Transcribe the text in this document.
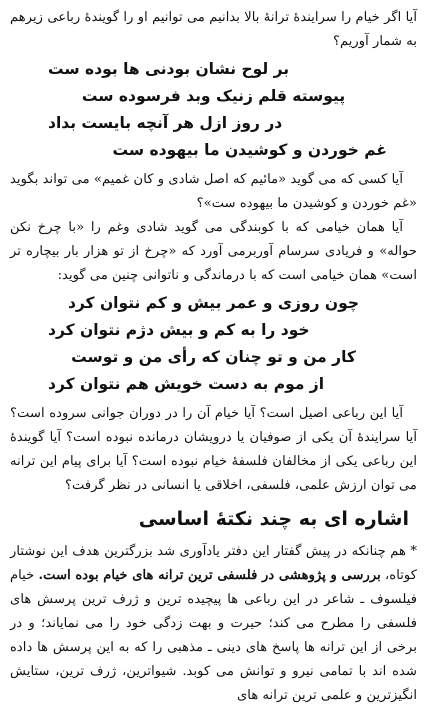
آیا اگر خیام را سرایندهٔ ترانهٔ بالا بدانیم می توانیم او را گویندهٔ رباعی زیرهم به شمار آوریم؟

بر لوح نشان بودنی ها بوده ست

پیوسته قلم زنیک وبد فرسوده ست

در روز ازل هر آنچه بایست بداد

غم خوردن و کوشیدن ما بیهوده ست

آیا کسی که می گوید «مائیم که اصل شادی و کان غمیم» می تواند بگوید «غم خوردن و کوشیدن ما بیهوده ست»؟

آیا همان خیامی که با کوبندگی می گوید شادی وغم را «با چرخ نکن حواله» و فریادی سرسام آوربرمی آورد که «چرخ از تو هزار بار بیچاره تر است» همان خیامی است که با درماندگی و ناتوانی چنین می گوید:

چون روزی و عمر بیش و کم نتوان کرد

خود را به کم و بیش دژم نتوان کرد

کار من و تو چنان که رأی من و توست

از موم به دست خویش هم نتوان کرد

آیا این رباعی اصیل است؟ آیا خیام آن را در دوران جوانی سروده است؟ آیا سرایندهٔ آن یکی از صوفیان یا درویشان درمانده نبوده است؟ آیا گویندهٔ این رباعی یکی از مخالفان فلسفهٔ خیام نبوده است؟ آیا برای پیام این ترانه می توان ارزش علمی، فلسفی، اخلاقی یا انسانی در نظر گرفت؟

اشاره ای به چند نکتهٔ اساسی

* هم چنانکه در پیش گفتار این دفتر یادآوری شد بزرگترین هدف این نوشتار کوتاه، بررسی و پژوهشی در فلسفی ترین ترانه های خیام بوده است. خیام فیلسوف ـ شاعر در این رباعی ها پیچیده ترین و ژرف ترین پرسش های فلسفی را مطرح می کند؛ حیرت و بهت زدگی خود را می نمایاند؛ و در برخی از این ترانه ها پاسخ های دینی ـ مذهبی را که به این پرسش ها داده شده اند با تمامی نیرو و توانش می کوبد. شیواترین، ژرف ترین، ستایش انگیزترین و علمی ترین ترانه های
